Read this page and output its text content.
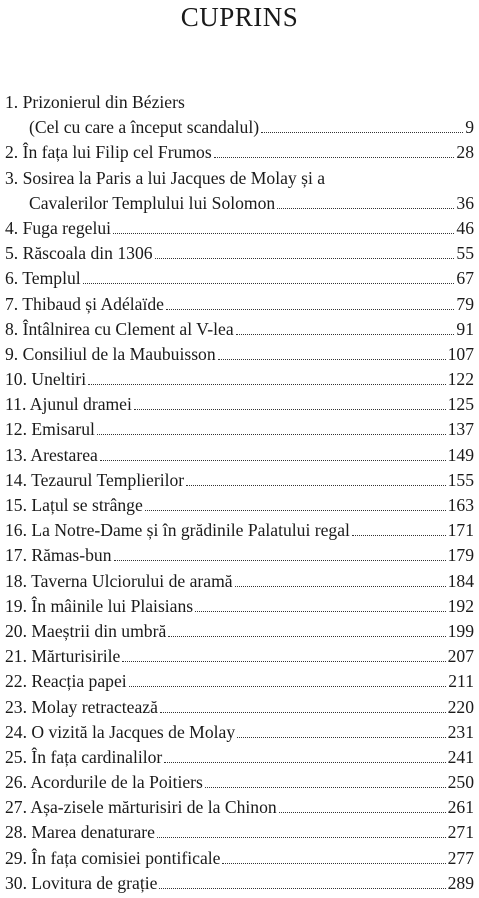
CUPRINS
1. Prizonierul din Béziers
(Cel cu care a început scandalul)	9
2. În fața lui Filip cel Frumos	28
3. Sosirea la Paris a lui Jacques de Molay și a
Cavalerilor Templului lui Solomon	36
4. Fuga regelui	46
5. Răscoala din 1306	55
6. Templul	67
7. Thibaud și Adélaïde	79
8. Întâlnirea cu Clement al V-lea	91
9. Consiliul de la Maubuisson	107
10. Uneltiri	122
11. Ajunul dramei	125
12. Emisarul	137
13. Arestarea	149
14. Tezaurul Templierilor	155
15. Lațul se strânge	163
16. La Notre-Dame și în grădinile Palatului regal	171
17. Rămas-bun	179
18. Taverna Ulciorului de aramă	184
19. În mâinile lui Plaisians	192
20. Maeștrii din umbră	199
21. Mărturisirile	207
22. Reacția papei	211
23. Molay retractează	220
24. O vizită la Jacques de Molay	231
25. În fața cardinalilor	241
26. Acordurile de la Poitiers	250
27. Așa-zisele mărturisiri de la Chinon	261
28. Marea denaturare	271
29. În fața comisiei pontificale	277
30. Lovitura de grație	289
